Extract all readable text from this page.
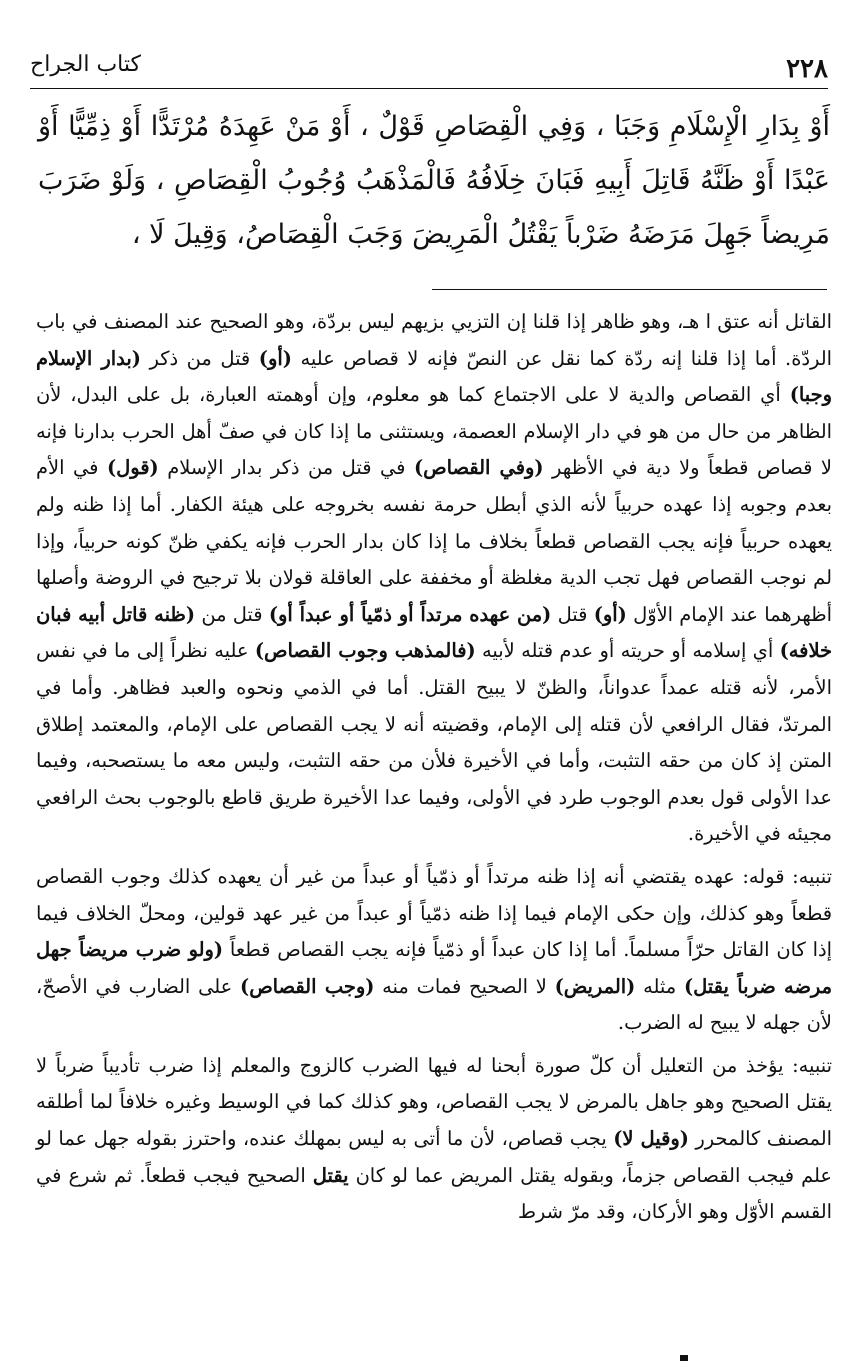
٢٢٨
كتاب الجراح

أَوْ بِدَارِ الْإِسْلَامِ وَجَبَا ، وَفِي الْقِصَاصِ قَوْلٌ ، أَوْ مَنْ عَهِدَهُ مُرْتَدًّا أَوْ ذِمِّيًّا أَوْ عَبْدًا أَوْ ظَنَّهُ قَاتِلَ أَبِيهِ فَبَانَ خِلَافُهُ فَالْمَذْهَبُ وُجُوبُ الْقِصَاصِ ، وَلَوْ ضَرَبَ مَرِيضاً جَهِلَ مَرَضَهُ ضَرْباً يَقْتُلُ الْمَرِيضَ وَجَبَ الْقِصَاصُ، وَقِيلَ لَا ،

القاتل أنه عتق ا هـ، وهو ظاهر إذا قلنا إن التزيي بزيهم ليس بردّة، وهو الصحيح عند المصنف في باب الردّة. أما إذا قلنا إنه ردّة كما نقل عن النصّ فإنه لا قصاص عليه (أو) قتل من ذكر (بدار الإسلام وجبا) أي القصاص والدية لا على الاجتماع كما هو معلوم، وإن أوهمته العبارة، بل على البدل، لأن الظاهر من حال من هو في دار الإسلام العصمة، ويستثنى ما إذا كان في صفّ أهل الحرب بدارنا فإنه لا قصاص قطعاً ولا دية في الأظهر (وفي القصاص) في قتل من ذكر بدار الإسلام (قول) في الأم بعدم وجوبه إذا عهده حربياً لأنه الذي أبطل حرمة نفسه بخروجه على هيئة الكفار. أما إذا ظنه ولم يعهده حربياً فإنه يجب القصاص قطعاً بخلاف ما إذا كان بدار الحرب فإنه يكفي ظنّ كونه حربياً، وإذا لم نوجب القصاص فهل تجب الدية مغلظة أو مخففة على العاقلة قولان بلا ترجيح في الروضة وأصلها أظهرهما عند الإمام الأوّل (أو) قتل (من عهده مرتداً أو ذمّياً أو عبداً أو) قتل من (ظنه قاتل أبيه فبان خلافه) أي إسلامه أو حريته أو عدم قتله لأبيه (فالمذهب وجوب القصاص) عليه نظراً إلى ما في نفس الأمر، لأنه قتله عمداً عدواناً، والظنّ لا يبيح القتل. أما في الذمي ونحوه والعبد فظاهر. وأما في المرتدّ، فقال الرافعي لأن قتله إلى الإمام، وقضيته أنه لا يجب القصاص على الإمام، والمعتمد إطلاق المتن إذ كان من حقه التثبت، وأما في الأخيرة فلأن من حقه التثبت، وليس معه ما يستصحبه، وفيما عدا الأولى قول بعدم الوجوب طرد في الأولى، وفيما عدا الأخيرة طريق قاطع بالوجوب بحث الرافعي مجيئه في الأخيرة.

تنبيه: قوله: عهده يقتضي أنه إذا ظنه مرتداً أو ذمّياً أو عبداً من غير أن يعهده كذلك وجوب القصاص قطعاً وهو كذلك، وإن حكى الإمام فيما إذا ظنه ذمّياً أو عبداً من غير عهد قولين، ومحلّ الخلاف فيما إذا كان القاتل حرّاً مسلماً. أما إذا كان عبداً أو ذمّياً فإنه يجب القصاص قطعاً (ولو ضرب مريضاً جهل مرضه ضرباً يقتل) مثله (المريض) لا الصحيح فمات منه (وجب القصاص) على الضارب في الأصحّ، لأن جهله لا يبيح له الضرب.

تنبيه: يؤخذ من التعليل أن كلّ صورة أبحنا له فيها الضرب كالزوج والمعلم إذا ضرب تأديباً ضرباً لا يقتل الصحيح وهو جاهل بالمرض لا يجب القصاص، وهو كذلك كما في الوسيط وغيره خلافاً لما أطلقه المصنف كالمحرر (وقيل لا) يجب قصاص، لأن ما أتى به ليس بمهلك عنده، واحترز بقوله جهل عما لو علم فيجب القصاص جزماً، وبقوله يقتل المريض عما لو كان يقتل الصحيح فيجب قطعاً. ثم شرع في القسم الأوّل وهو الأركان، وقد مرّ شرط
